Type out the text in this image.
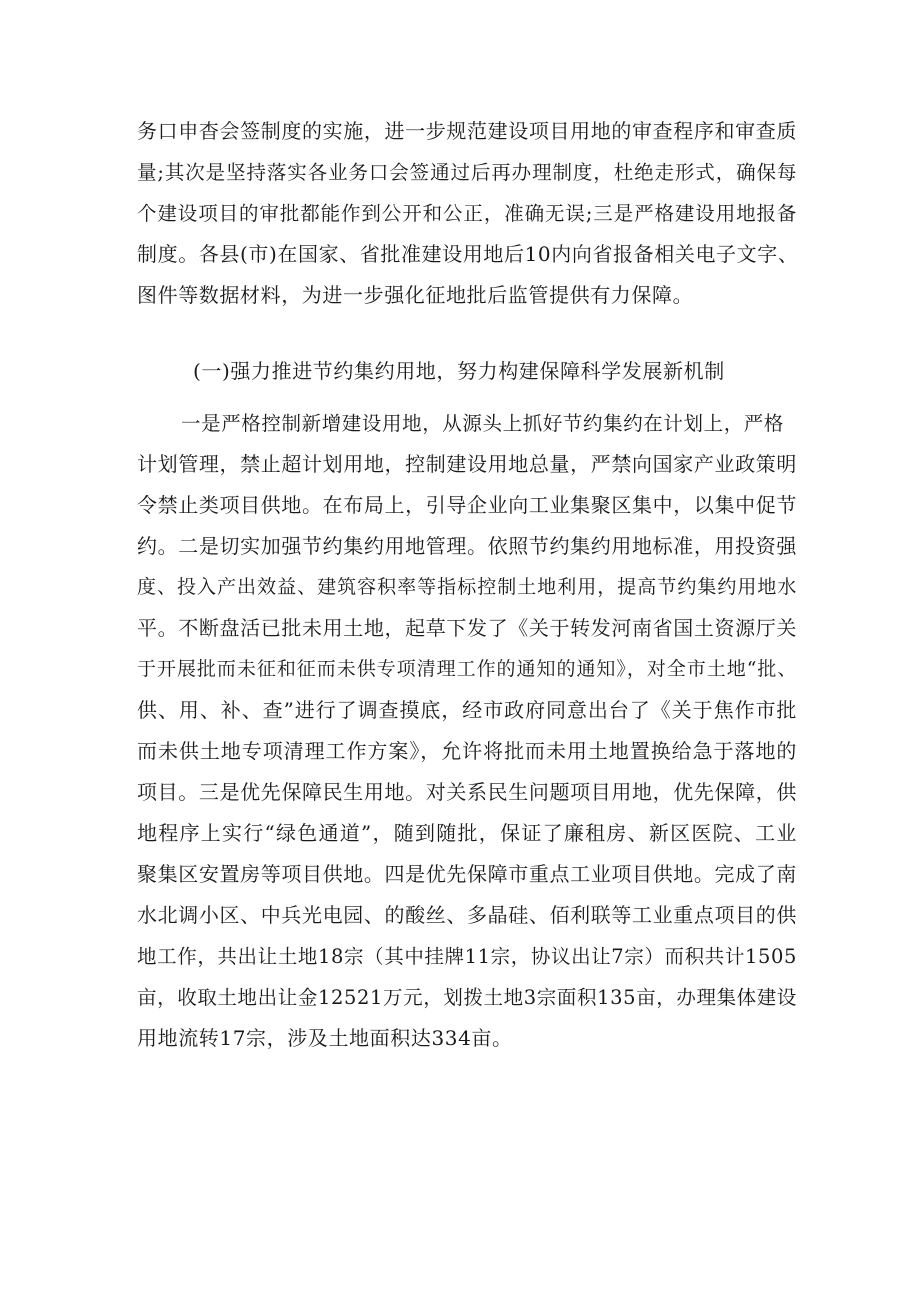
务口申杳会签制度的实施，进一步规范建设项目用地的审查程序和审查质
量;其次是坚持落实各业务口会签通过后再办理制度，杜绝走形式，确保每
个建设项目的审批都能作到公开和公正，准确无误;三是严格建设用地报备
制度。各县(市)在国家、省批准建设用地后10内向省报备相关电子文字、
图件等数据材料，为进一步强化征地批后监管提供有力保障。
(一)强力推进节约集约用地，努力构建保障科学发展新机制
一是严格控制新增建设用地，从源头上抓好节约集约在计划上，严格
计划管理，禁止超计划用地，控制建设用地总量，严禁向国家产业政策明
令禁止类项目供地。在布局上，引导企业向工业集聚区集中，以集中促节
约。二是切实加强节约集约用地管理。依照节约集约用地标准，用投资强
度、投入产出效益、建筑容积率等指标控制土地利用，提高节约集约用地水
平。不断盘活已批未用土地，起草下发了《关于转发河南省国土资源厅关
于开展批而未征和征而未供专项清理工作的通知的通知》，对全市土地“批、
供、用、补、查”进行了调查摸底，经市政府同意出台了《关于焦作市批
而未供土地专项清理工作方案》，允许将批而未用土地置换给急于落地的
项目。三是优先保障民生用地。对关系民生问题项目用地，优先保障，供
地程序上实行“绿色通道”，随到随批，保证了廉租房、新区医院、工业
聚集区安置房等项目供地。四是优先保障市重点工业项目供地。完成了南
水北调小区、中兵光电园、的酸丝、多晶硅、佰利联等工业重点项目的供
地工作，共出让土地18宗（其中挂牌11宗，协议出让7宗）而积共计1505
亩，收取土地出让金12521万元，划拨土地3宗面积135亩，办理集体建设
用地流转17宗，涉及土地面积达334亩。
